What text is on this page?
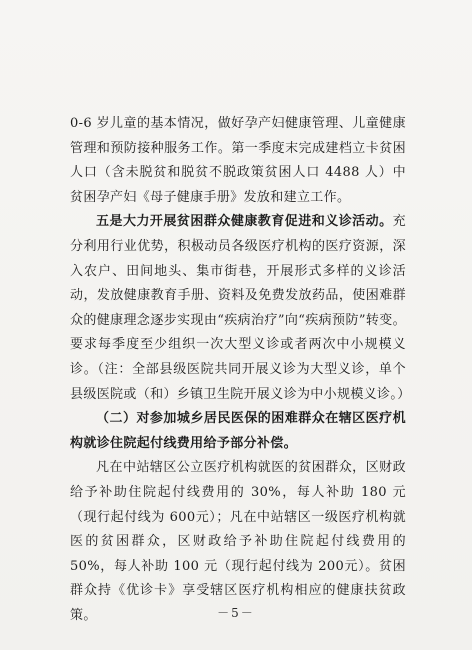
0-6 岁儿童的基本情况，做好孕产妇健康管理、儿童健康管理和预防接种服务工作。第一季度末完成建档立卡贫困人口（含未脱贫和脱贫不脱政策贫困人口 4488 人）中贫困孕产妇《母子健康手册》发放和建立工作。

五是大力开展贫困群众健康教育促进和义诊活动。充分利用行业优势，积极动员各级医疗机构的医疗资源，深入农户、田间地头、集市街巷，开展形式多样的义诊活动，发放健康教育手册、资料及免费发放药品，使困难群众的健康理念逐步实现由“疾病治疗”向“疾病预防”转变。要求每季度至少组织一次大型义诊或者两次中小规模义诊。（注：全部县级医院共同开展义诊为大型义诊，单个县级医院或（和）乡镇卫生院开展义诊为中小规模义诊。）

（二）对参加城乡居民医保的困难群众在辖区医疗机构就诊住院起付线费用给予部分补偿。

凡在中站辖区公立医疗机构就医的贫困群众，区财政给予补助住院起付线费用的 30%，每人补助 180 元（现行起付线为 600元）；凡在中站辖区一级医疗机构就医的贫困群众，区财政给予补助住院起付线费用的 50%，每人补助 100 元（现行起付线为 200元）。贫困群众持《优诊卡》享受辖区医疗机构相应的健康扶贫政策。	－5－
